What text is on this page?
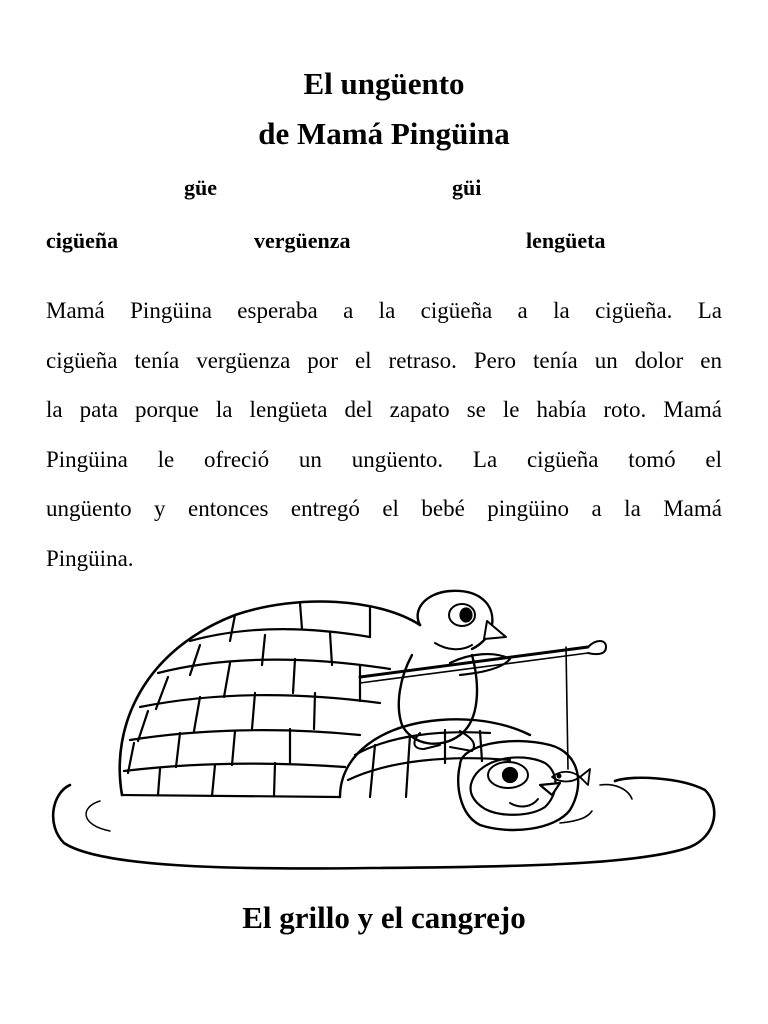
El ungüento
de Mamá Pingüina
güe	güi
cigüeña	vergüenza	lengüeta
Mamá Pingüina esperaba a la cigüeña a la cigüeña. La
cigüeña tenía vergüenza por el retraso. Pero tenía un dolor en
la pata porque la lengüeta del zapato se le había roto. Mamá
Pingüina le ofreció un ungüento. La cigüeña tomó el
ungüento y entonces entregó el bebé pingüino a la Mamá
Pingüina.
El grillo y el cangrejo
